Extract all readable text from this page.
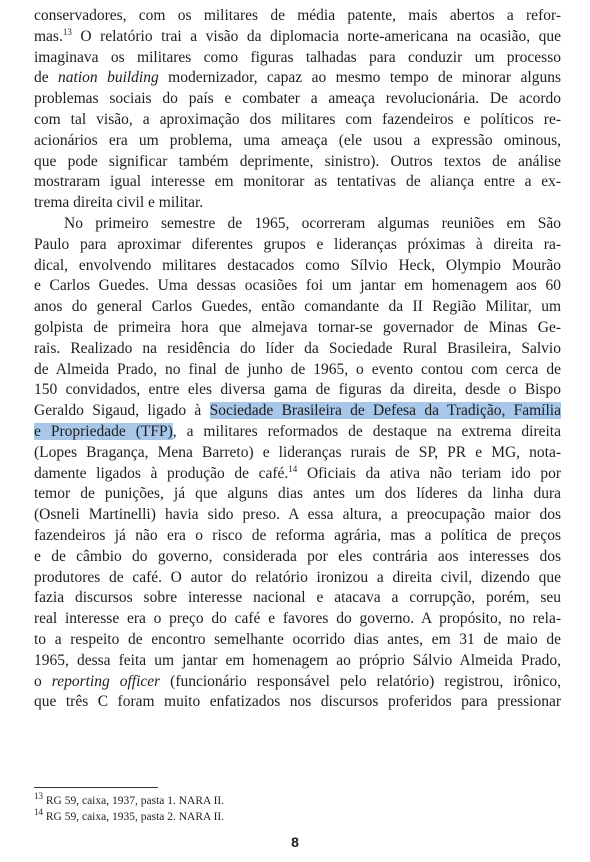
conservadores, com os militares de média patente, mais abertos a refor-
mas.$^{13}$ O relatório trai a visão da diplomacia norte-americana na ocasião, que
imaginava os militares como figuras talhadas para conduzir um processo
de nation building modernizador, capaz ao mesmo tempo de minorar alguns
problemas sociais do país e combater a ameaça revolucionária. De acordo
com tal visão, a aproximação dos militares com fazendeiros e políticos re-
acionários era um problema, uma ameaça (ele usou a expressão ominous,
que pode significar também deprimente, sinistro). Outros textos de análise
mostraram igual interesse em monitorar as tentativas de aliança entre a ex-
trema direita civil e militar.
No primeiro semestre de 1965, ocorreram algumas reuniões em São
Paulo para aproximar diferentes grupos e lideranças próximas à direita ra-
dical, envolvendo militares destacados como Sílvio Heck, Olympio Mourão
e Carlos Guedes. Uma dessas ocasiões foi um jantar em homenagem aos 60
anos do general Carlos Guedes, então comandante da II Região Militar, um
golpista de primeira hora que almejava tornar-se governador de Minas Ge-
rais. Realizado na residência do líder da Sociedade Rural Brasileira, Salvio
de Almeida Prado, no final de junho de 1965, o evento contou com cerca de
150 convidados, entre eles diversa gama de figuras da direita, desde o Bispo
Geraldo Sigaud, ligado à Sociedade Brasileira de Defesa da Tradição, Família
e Propriedade (TFP), a militares reformados de destaque na extrema direita
(Lopes Bragança, Mena Barreto) e lideranças rurais de SP, PR e MG, nota-
damente ligados à produção de café.$^{14}$ Oficiais da ativa não teriam ido por
temor de punições, já que alguns dias antes um dos líderes da linha dura
(Osneli Martinelli) havia sido preso. A essa altura, a preocupação maior dos
fazendeiros já não era o risco de reforma agrária, mas a política de preços
e de câmbio do governo, considerada por eles contrária aos interesses dos
produtores de café. O autor do relatório ironizou a direita civil, dizendo que
fazia discursos sobre interesse nacional e atacava a corrupção, porém, seu
real interesse era o preço do café e favores do governo. A propósito, no rela-
to a respeito de encontro semelhante ocorrido dias antes, em 31 de maio de
1965, dessa feita um jantar em homenagem ao próprio Sálvio Almeida Prado,
o reporting officer (funcionário responsável pelo relatório) registrou, irônico,
que três C foram muito enfatizados nos discursos proferidos para pressionar
$^{13}$ RG 59, caixa, 1937, pasta 1. NARA II.
$^{14}$ RG 59, caixa, 1935, pasta 2. NARA II.
8
